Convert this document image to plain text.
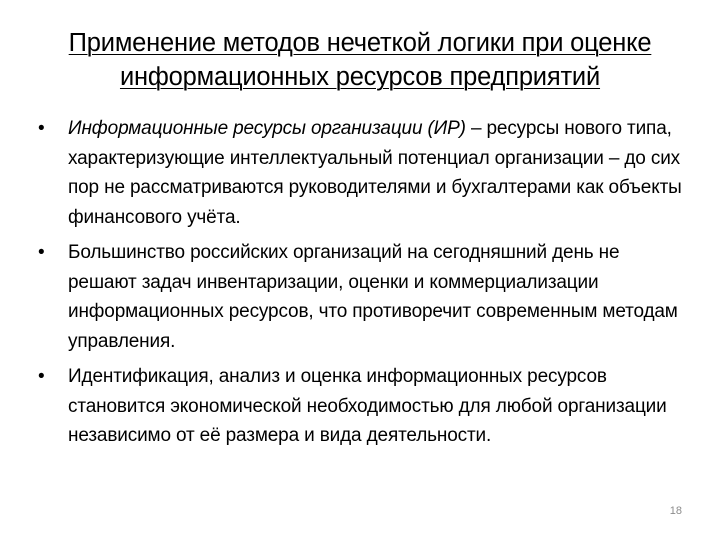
Применение методов нечеткой логики при оценке информационных ресурсов предприятий
• Информационные ресурсы организации (ИР) – ресурсы нового типа, характеризующие интеллектуальный потенциал организации – до сих пор не рассматриваются руководителями и бухгалтерами как объекты финансового учёта.
• Большинство российских организаций на сегодняшний день не решают задач инвентаризации, оценки и коммерциализации информационных ресурсов, что противоречит современным методам управления.
• Идентификация, анализ и оценка информационных ресурсов становится экономической необходимостью для любой организации независимо от её размера и вида деятельности.
18
